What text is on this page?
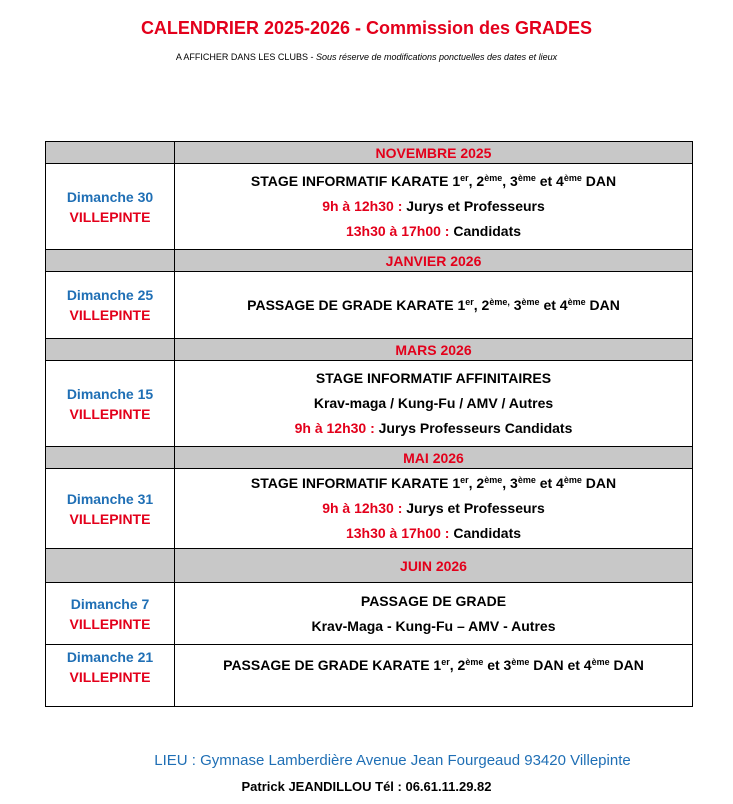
CALENDRIER 2025-2026 - Commission des GRADES
A AFFICHER DANS LES CLUBS - Sous réserve de modifications ponctuelles des dates et lieux
	NOVEMBRE 2025

Dimanche 30
VILLEPINTE	STAGE INFORMATIF KARATE 1er, 2ème, 3ème et 4ème DAN
9h à 12h30 : Jurys et Professeurs
13h30 à 17h00 : Candidats

	JANVIER 2026

Dimanche 25
VILLEPINTE	PASSAGE DE GRADE KARATE 1er, $2^{ème,}$ 3ème et 4ème DAN

	MARS 2026

Dimanche 15
VILLEPINTE	STAGE INFORMATIF AFFINITAIRES
Krav-maga / Kung-Fu / AMV / Autres
9h à 12h30 : Jurys Professeurs Candidats

	MAI 2026

Dimanche 31
VILLEPINTE	STAGE INFORMATIF KARATE 1er, 2ème, 3ème et 4ème DAN
9h à 12h30 : Jurys et Professeurs
13h30 à 17h00 : Candidats

	JUIN 2026

Dimanche 7
VILLEPINTE	PASSAGE DE GRADE
Krav-Maga - Kung-Fu – AMV - Autres

Dimanche 21
VILLEPINTE	PASSAGE DE GRADE KARATE 1er, 2ème et 3ème DAN et 4ème DAN
LIEU : Gymnase Lamberdière Avenue Jean Fourgeaud 93420 Villepinte
Patrick JEANDILLOU Tél : 06.61.11.29.82
